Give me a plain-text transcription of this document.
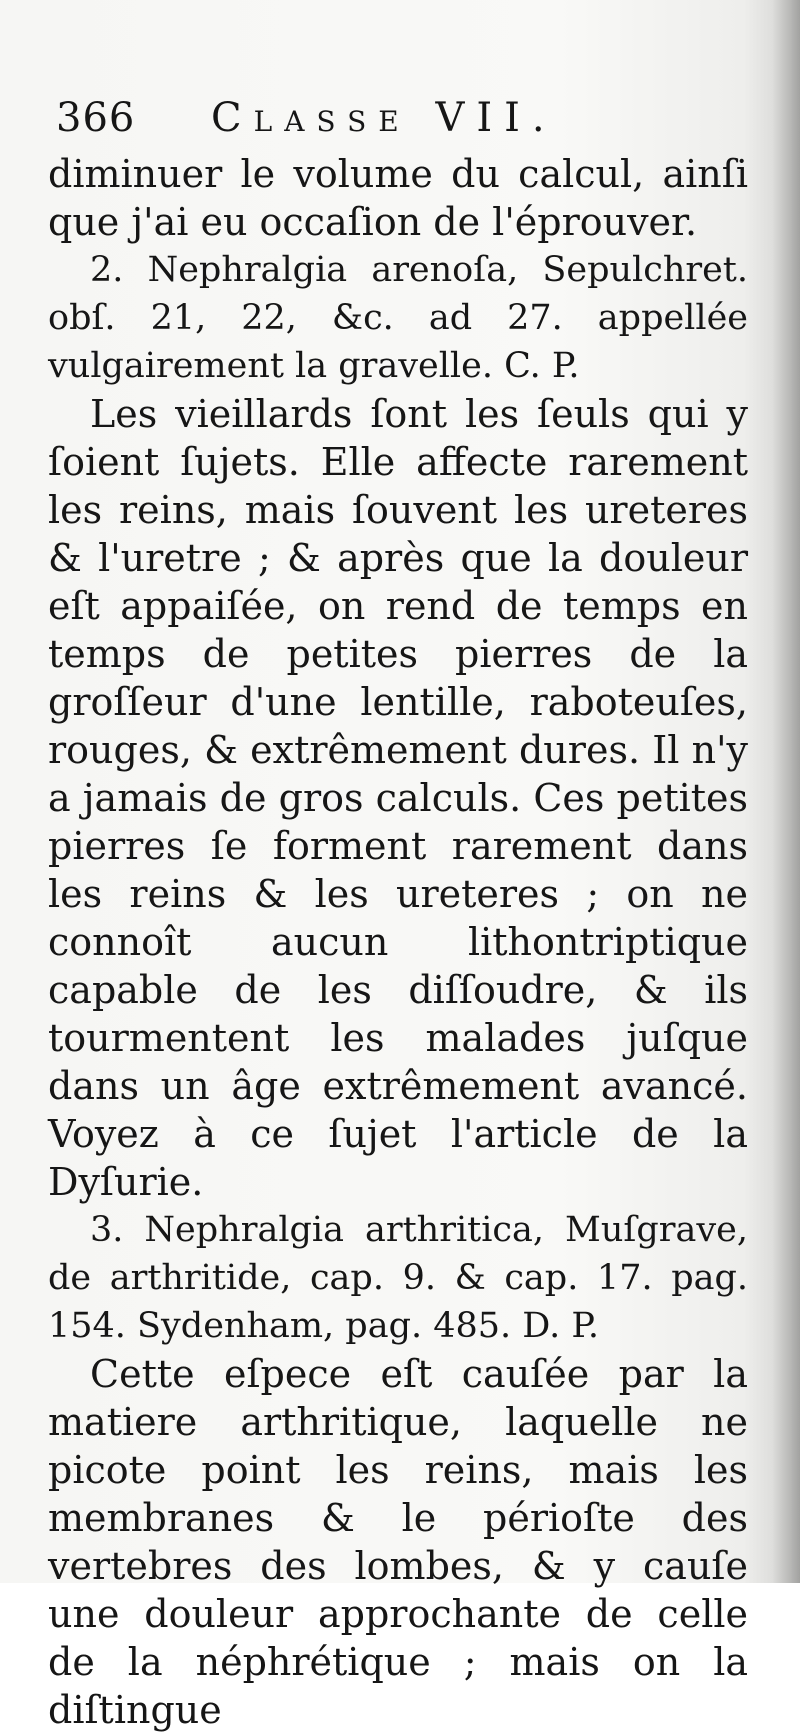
366 Classe VII.

diminuer le volume du calcul, ainſi que j'ai eu occaſion de l'éprouver.

2. Nephralgia arenoſa, Sepulchret. obſ. 21, 22, &c. ad 27. appellée vulgairement la gravelle. C. P.

Les vieillards ſont les ſeuls qui y ſoient ſujets. Elle affecte rarement les reins, mais ſouvent les ureteres & l'uretre ; & après que la douleur eſt appaiſée, on rend de temps en temps de petites pierres de la groſſeur d'une lentille, raboteuſes, rouges, & extrêmement dures. Il n'y a jamais de gros calculs. Ces petites pierres ſe forment rarement dans les reins & les ureteres ; on ne connoît aucun lithontriptique capable de les diſſoudre, & ils tourmentent les malades juſque dans un âge extrêmement avancé. Voyez à ce ſujet l'article de la Dyſurie.

3. Nephralgia arthritica, Muſgrave, de arthritide, cap. 9. & cap. 17. pag. 154. Sydenham, pag. 485. D. P.

Cette eſpece eſt cauſée par la matiere arthritique, laquelle ne picote point les reins, mais les membranes & le périoſte des vertebres des lombes, & y cauſe une douleur approchante de celle de la néphrétique ; mais on la diſtingue
